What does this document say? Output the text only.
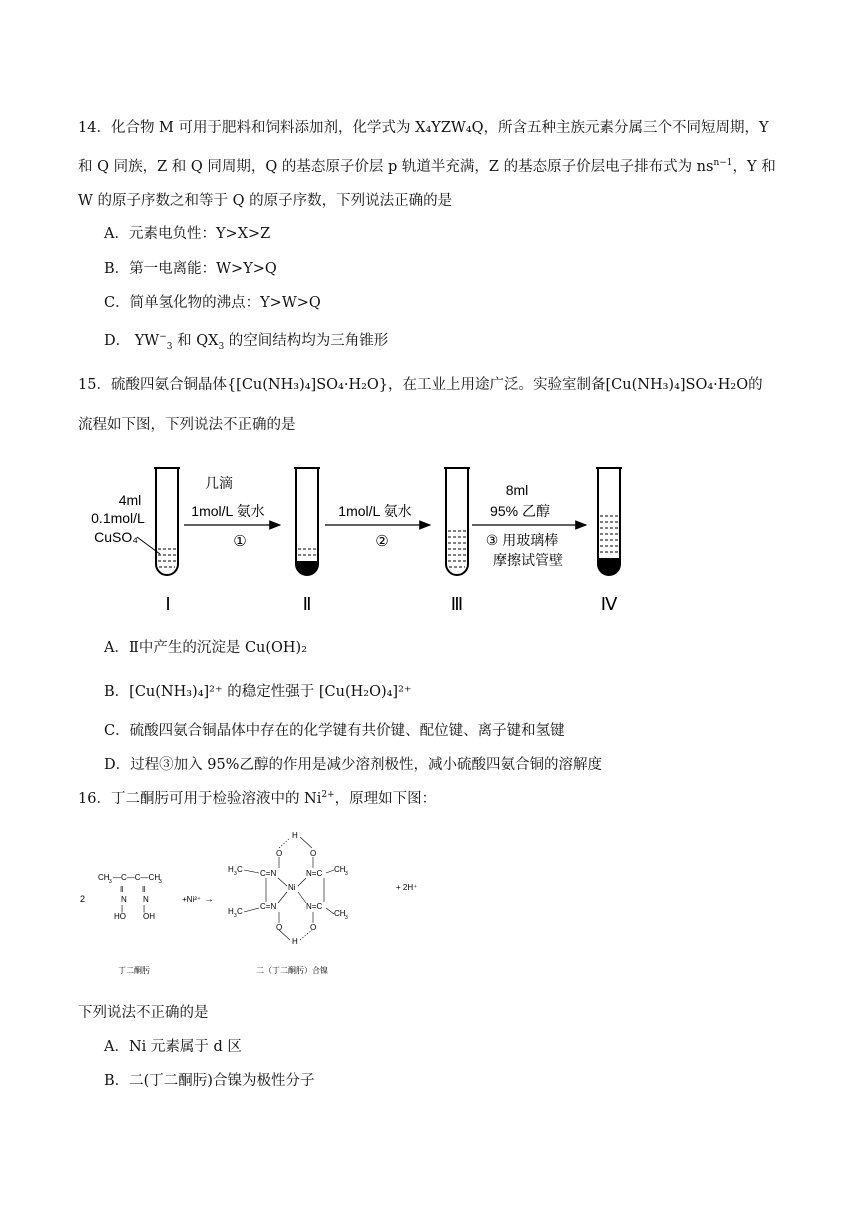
14．化合物 M 可用于肥料和饲料添加剂，化学式为 X₄YZW₄Q，所含五种主族元素分属三个不同短周期，Y
和 Q 同族，Z 和 Q 同周期，Q 的基态原子价层 p 轨道半充满，Z 的基态原子价层电子排布式为 $ns^{n-1}$，Y 和
W 的原子序数之和等于 Q 的原子序数，下列说法正确的是
A．元素电负性：Y>X>Z
B．第一电离能：W>Y>Q
C．简单氢化物的沸点：Y>W>Q
D． $YW^-_3$ 和 $QX_3$ 的空间结构均为三角锥形
15．硫酸四氨合铜晶体{[Cu(NH₃)₄]SO₄·H₂O}，在工业上用途广泛。实验室制备[Cu(NH₃)₄]SO₄·H₂O的
流程如下图，下列说法不正确的是
4ml
0.1mol/L
CuSO₄
Ⅰ
几滴
1mol/L 氨水
①
Ⅱ
1mol/L 氨水
②
Ⅲ
8ml
95% 乙醇
③ 用玻璃棒
摩擦试管壁
Ⅳ
A．Ⅱ中产生的沉淀是 Cu(OH)₂
B．[Cu(NH₃)₄]²⁺ 的稳定性强于 [Cu(H₂O)₄]²⁺
C．硫酸四氨合铜晶体中存在的化学键有共价键、配位键、离子键和氢键
D．过程③加入 95%乙醇的作用是减少溶剂极性，减小硫酸四氨合铜的溶解度
16．丁二酮肟可用于检验溶液中的 $Ni^{2+}$，原理如下图：
2
CH 3 —C—C—CH
3
‖ ‖
N N
| |
HO OH
+Ni²⁺ →
H
O	O
H 3 C C=N	N=C CH 3
Ni
H 3 C
C=N	N=C
CH 3
O	O
H
+ 2H⁺
丁二酮肟	二（丁二酮肟）合镍
下列说法不正确的是
A．Ni 元素属于 d 区
B．二(丁二酮肟)合镍为极性分子
